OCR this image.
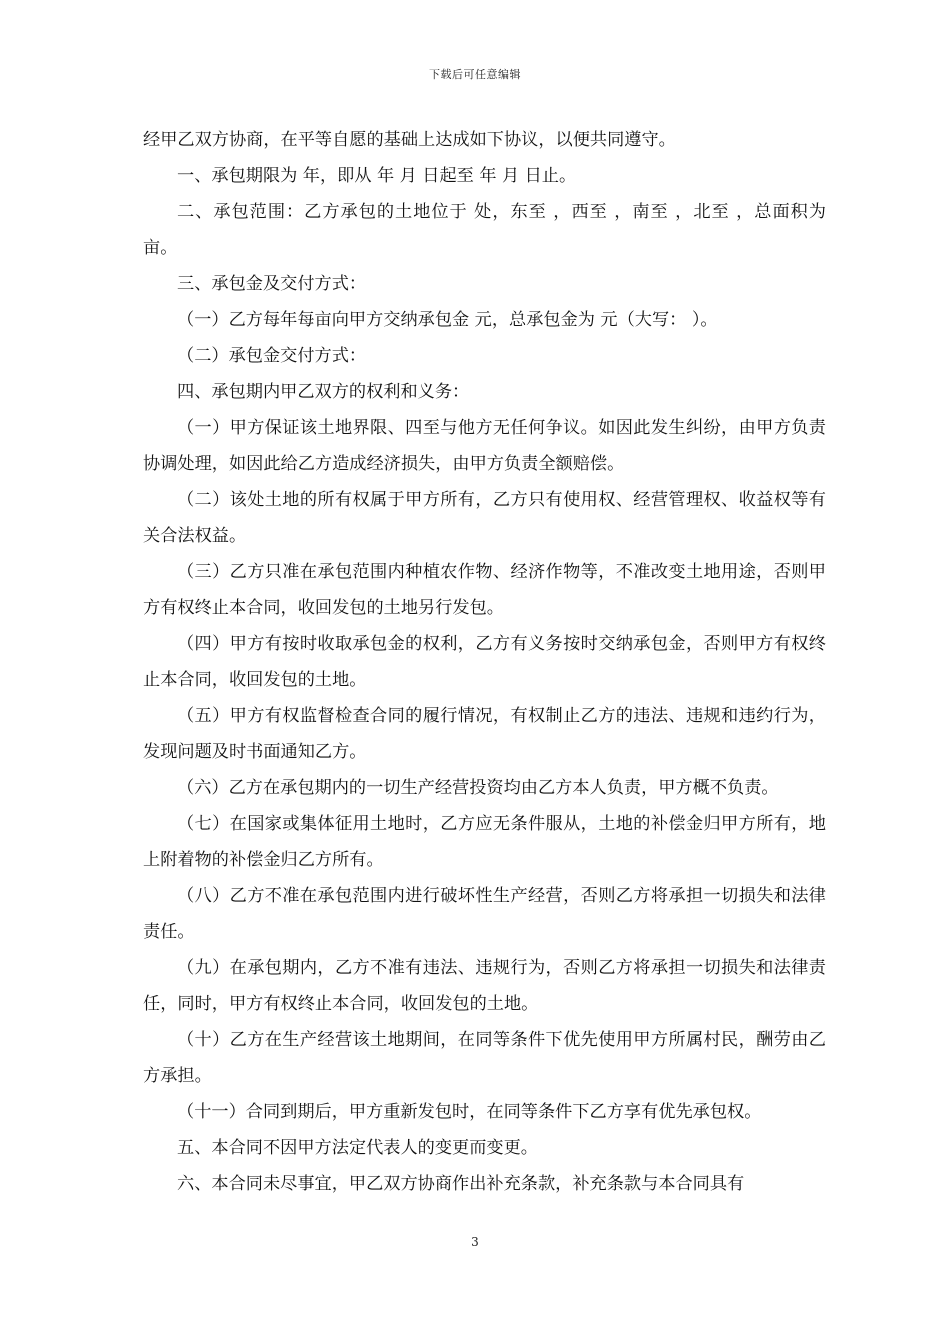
下载后可任意编辑

经甲乙双方协商，在平等自愿的基础上达成如下协议，以便共同遵守。

一、承包期限为 年，即从 年 月 日起至 年 月 日止。

二、承包范围：乙方承包的土地位于 处，东至 ，西至 ，南至 ，北至 ，总面积为 亩。

三、承包金及交付方式：

（一）乙方每年每亩向甲方交纳承包金 元，总承包金为 元（大写： ）。

（二）承包金交付方式：

四、承包期内甲乙双方的权利和义务：

（一）甲方保证该土地界限、四至与他方无任何争议。如因此发生纠纷，由甲方负责协调处理，如因此给乙方造成经济损失，由甲方负责全额赔偿。

（二）该处土地的所有权属于甲方所有，乙方只有使用权、经营管理权、收益权等有关合法权益。

（三）乙方只准在承包范围内种植农作物、经济作物等，不准改变土地用途，否则甲方有权终止本合同，收回发包的土地另行发包。

（四）甲方有按时收取承包金的权利，乙方有义务按时交纳承包金，否则甲方有权终止本合同，收回发包的土地。

（五）甲方有权监督检查合同的履行情况，有权制止乙方的违法、违规和违约行为，发现问题及时书面通知乙方。

（六）乙方在承包期内的一切生产经营投资均由乙方本人负责，甲方概不负责。

（七）在国家或集体征用土地时，乙方应无条件服从，土地的补偿金归甲方所有，地上附着物的补偿金归乙方所有。

（八）乙方不准在承包范围内进行破坏性生产经营，否则乙方将承担一切损失和法律责任。

（九）在承包期内，乙方不准有违法、违规行为，否则乙方将承担一切损失和法律责任，同时，甲方有权终止本合同，收回发包的土地。

（十）乙方在生产经营该土地期间，在同等条件下优先使用甲方所属村民，酬劳由乙方承担。

（十一）合同到期后，甲方重新发包时，在同等条件下乙方享有优先承包权。

五、本合同不因甲方法定代表人的变更而变更。

六、本合同未尽事宜，甲乙双方协商作出补充条款，补充条款与本合同具有

3
